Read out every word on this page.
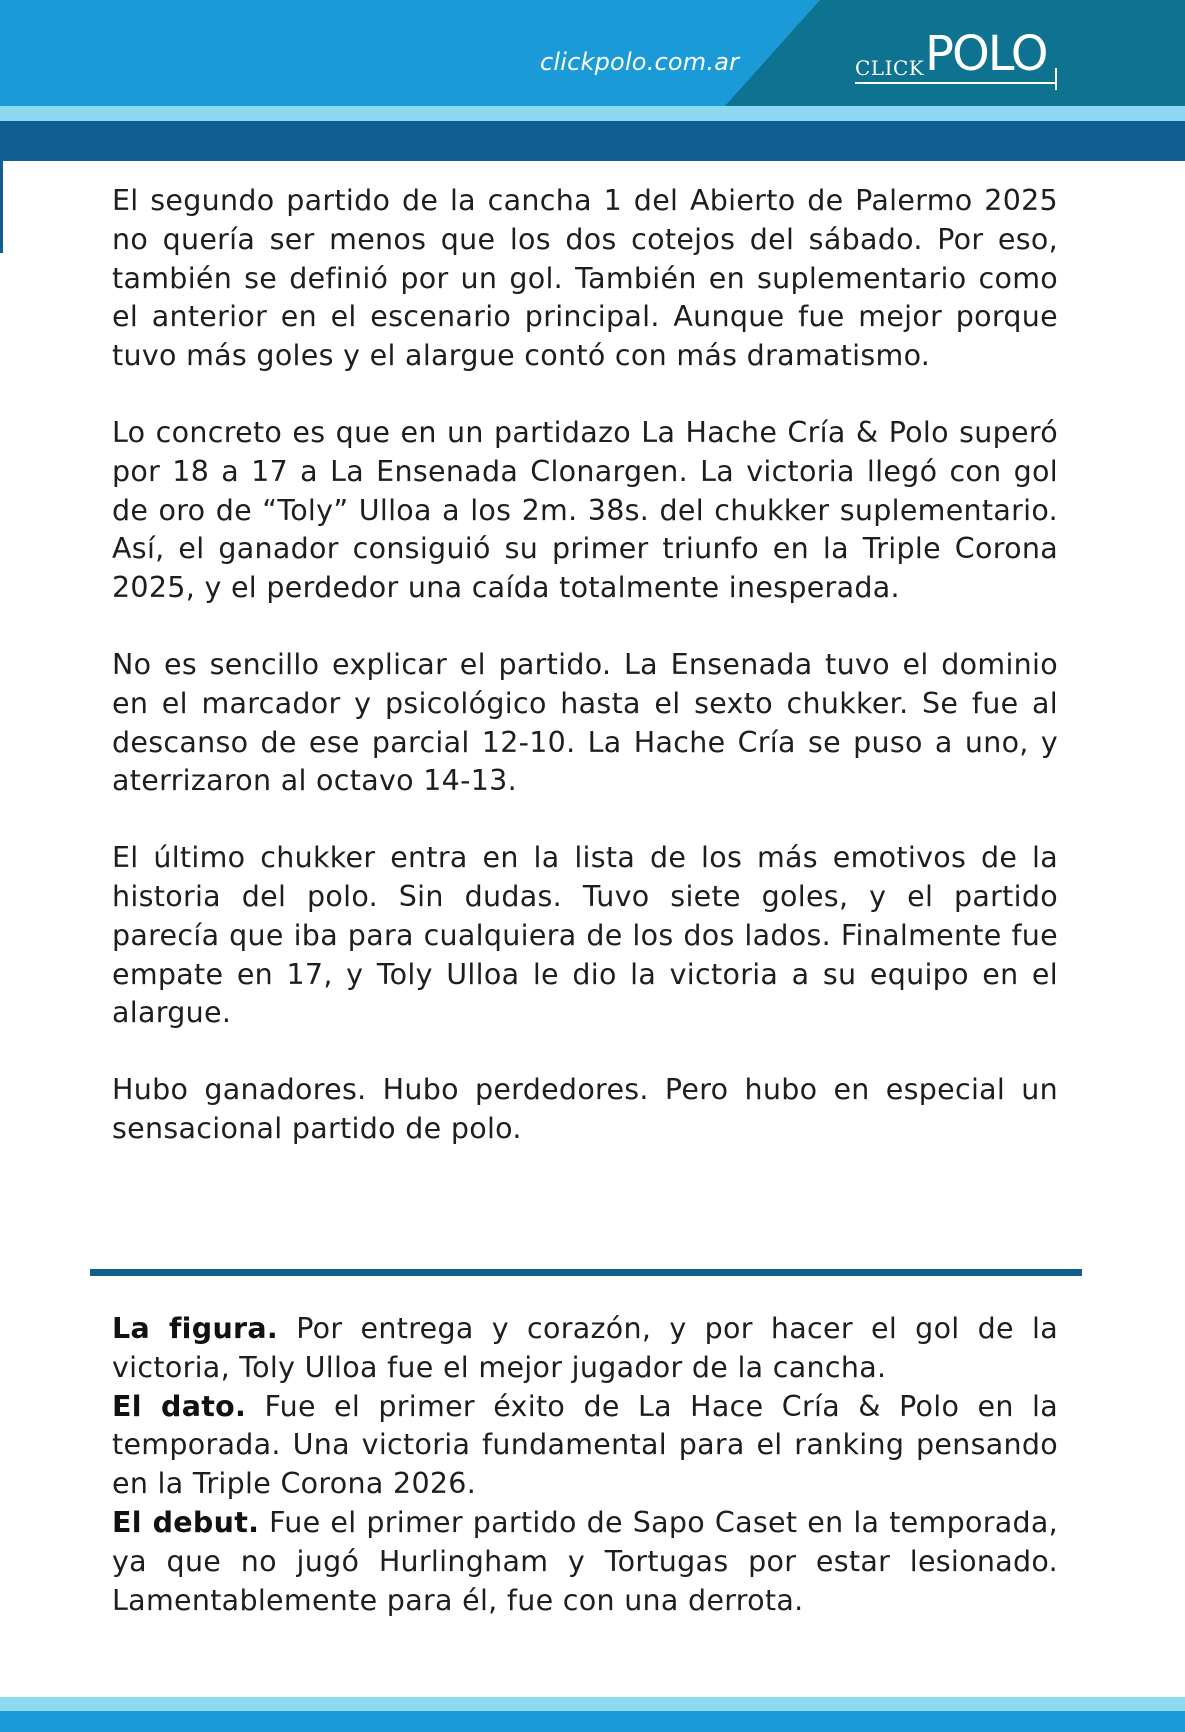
clickpolo.com.ar	CLICK POLO

El segundo partido de la cancha 1 del Abierto de Palermo 2025 no quería ser menos que los dos cotejos del sábado. Por eso, también se definió por un gol. También en suplementario como el anterior en el escenario principal. Aunque fue mejor porque tuvo más goles y el alargue contó con más dramatismo.

Lo concreto es que en un partidazo La Hache Cría & Polo superó por 18 a 17 a La Ensenada Clonargen. La victoria llegó con gol de oro de “Toly” Ulloa a los 2m. 38s. del chukker suplementario. Así, el ganador consiguió su primer triunfo en la Triple Corona 2025, y el perdedor una caída totalmente inesperada.

No es sencillo explicar el partido. La Ensenada tuvo el dominio en el marcador y psicológico hasta el sexto chukker. Se fue al descanso de ese parcial 12-10. La Hache Cría se puso a uno, y aterrizaron al octavo 14-13.

El último chukker entra en la lista de los más emotivos de la historia del polo. Sin dudas. Tuvo siete goles, y el partido parecía que iba para cualquiera de los dos lados. Finalmente fue empate en 17, y Toly Ulloa le dio la victoria a su equipo en el alargue.

Hubo ganadores. Hubo perdedores. Pero hubo en especial un sensacional partido de polo.

La figura. Por entrega y corazón, y por hacer el gol de la victoria, Toly Ulloa fue el mejor jugador de la cancha.

El dato. Fue el primer éxito de La Hace Cría & Polo en la temporada. Una victoria fundamental para el ranking pensando en la Triple Corona 2026.

El debut. Fue el primer partido de Sapo Caset en la temporada, ya que no jugó Hurlingham y Tortugas por estar lesionado. Lamentablemente para él, fue con una derrota.
